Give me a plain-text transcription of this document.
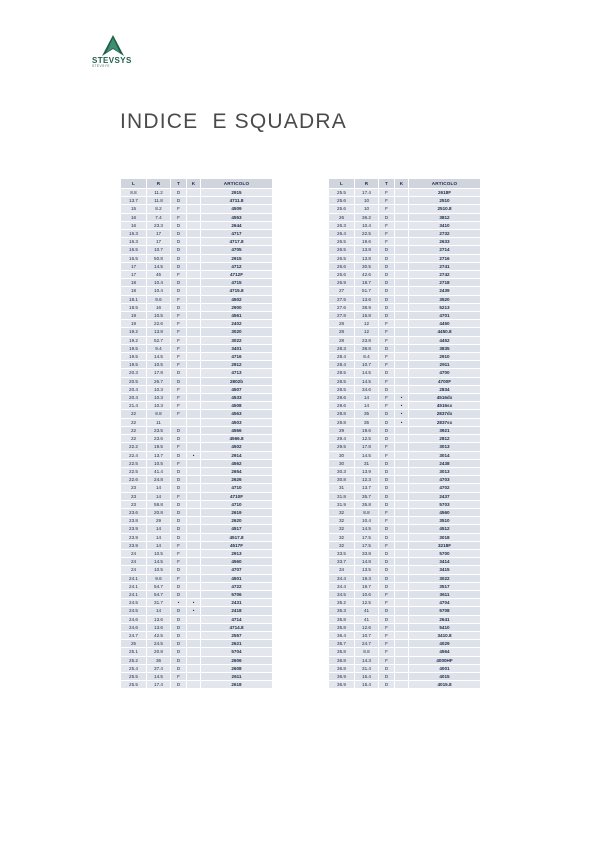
STEVSYS
STEVSYS
INDICE  E SQUADRA
L	R	T	K	ARTICOLO
8.8	11.2	D		2915
13.7	11.8	D		4711.8
15	8.2	F		4509
16	7.4	F		4553
16	23.3	D		2644
16.3	17	D		4717
16.3	17	D		4717.8
16.5	10.7	D		4705
16.5	50.8	D		2915
17	14.5	D		4712
17	45	F		4712F
18	10.4	D		4715
18	10.4	D		4715.8
18.1	9.6	F		4502
18.5	16	D		2900
19	10.5	F		4561
19	22.6	F		2402
19.2	13.8	F		3020
19.2	52.7	F		3022
19.5	9.4	F		3401
19.5	14.5	F		4716
19.5	10.5	F		2912
20.3	17.8	D		4713
20.5	26.7	D		2802b
20.4	10.3	F		4507
20.4	10.3	F		4533
21.4	10.3	F		4508
22	8.8	F		4563
22	11			4503
22	23.5	D		4566
22	23.6	D		4566.8
22.2	19.5	F		4502
22.4	13.7	D	•	2914
22.5	10.5	F		4562
22.5	41.4	D		2654
22.6	24.8	D		2626
23	14	D		4710
23	14	F		4710F
23	58.8	D		4710
23.6	20.8	D		2619
23.8	29	D		2620
23.9	14	D		4517
23.9	14	D		4517.8
23.9	14	F		4517F
24	10.5	F		2913
24	14.5	F		4560
24	10.5	D		4707
24.1	9.6	F		4501
24.1	54.7	D		4722
24.1	54.7	D		5706
24.5	31.7	•	•	2431
24.5	14	D	•	2418
24.6	13.6	D		4714
24.6	13.6	D		4714.8
24.7	42.5	D		2557
25	24.5	D		2621
25.1	20.8	D		5704
25.2	36	D		2606
25.4	37.4	D		2608
25.5	14.5	F		2611
25.5	17.4	D		2618
L	R	T	K	ARTICOLO
25.5	17.4	F		2618F
25.6	10	F		2510
25.6	10	F		2510.8
26	36.2	D		3812
26.3	10.4	F		3410
26.4	22.5	F		2732
26.5	19.6	F		2633
26.5	13.8	D		2714
26.5	13.8	D		2716
26.6	30.5	D		2741
26.6	42.6	D		2742
26.9	18.7	D		2718
27	51.7	D		2439
27.5	13.6	D		3520
27.6	38.9	D		5213
27.8	15.8	D		4701
28	12	F		4450
28	12	F		4450.8
28	23.8	F		4452
28.3	38.8	D		3835
28.4	8.4	F		2910
28.4	10.7	F		2911
28.5	14.5	D		4700
28.5	14.5	F		4700F
28.5	34.6	D		2834
28.6	14	F	•	4516dx
28.6	14	F	•	4516sx
28.8	35	D	•	2837dx
28.8	35	D	•	2837sx
29	19.6	D		3921
29.4	12.5	D		2812
29.5	17.8	F		3013
30	14.5	F		3014
30	31	D		2438
30.3	13.9	D		3013
30.8	12.3	D		4703
31	13.7	D		4702
31.8	35.7	D		2437
31.9	35.8	D		5703
32	8.8	F		4560
32	10.4	F		3510
32	14.5	D		4512
32	17.5	D		3018
32	17.5	F		3218F
33.5	33.8	D		5700
33.7	14.8	D		3414
34	13.5	D		3415
34.4	19.3	D		3022
34.4	19.7	D		3517
34.5	10.6	F		3611
35.2	12.5	F		4704
35.3	41	D		5708
35.8	41	D		2641
35.8	12.6	F		5410
36.4	10.7	F		3410.8
35.7	24.7	F		4029
35.8	8.8	F		4564
36.8	14.3	F		4000HF
36.8	31.4	D		4001
36.9	15.4	D		4015
36.9	15.4	D		4015.8
